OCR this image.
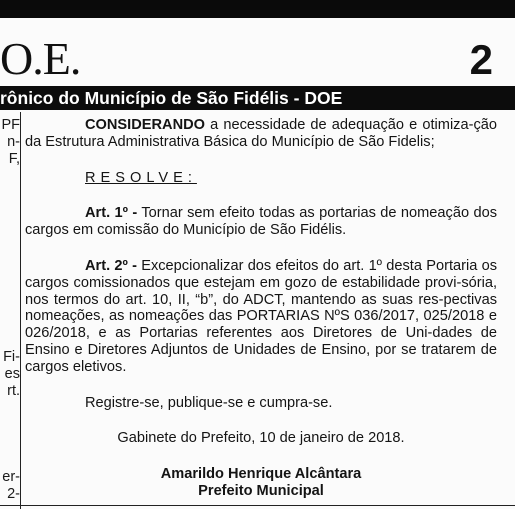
O.E.	2
rônico do Município de São Fidélis - DOE
PF
n-
F,
Fi-
es
rt.
er-
2-

CONSIDERANDO a necessidade de adequação e otimiza-ção da Estrutura Administrativa Básica do Município de São Fidelis;

RESOLVE:

Art. 1º - Tornar sem efeito todas as portarias de nomeação dos cargos em comissão do Município de São Fidélis.

Art. 2º - Excepcionalizar dos efeitos do art. 1º desta Portaria os cargos comissionados que estejam em gozo de estabilidade provi-sória, nos termos do art. 10, II, “b”, do ADCT, mantendo as suas res-pectivas nomeações, as nomeações das PORTARIAS NºS 036/2017, 025/2018 e 026/2018, e as Portarias referentes aos Diretores de Uni-dades de Ensino e Diretores Adjuntos de Unidades de Ensino, por se tratarem de cargos eletivos.

Registre-se, publique-se e cumpra-se.

Gabinete do Prefeito, 10 de janeiro de 2018.

Amarildo Henrique Alcântara

Prefeito Municipal
